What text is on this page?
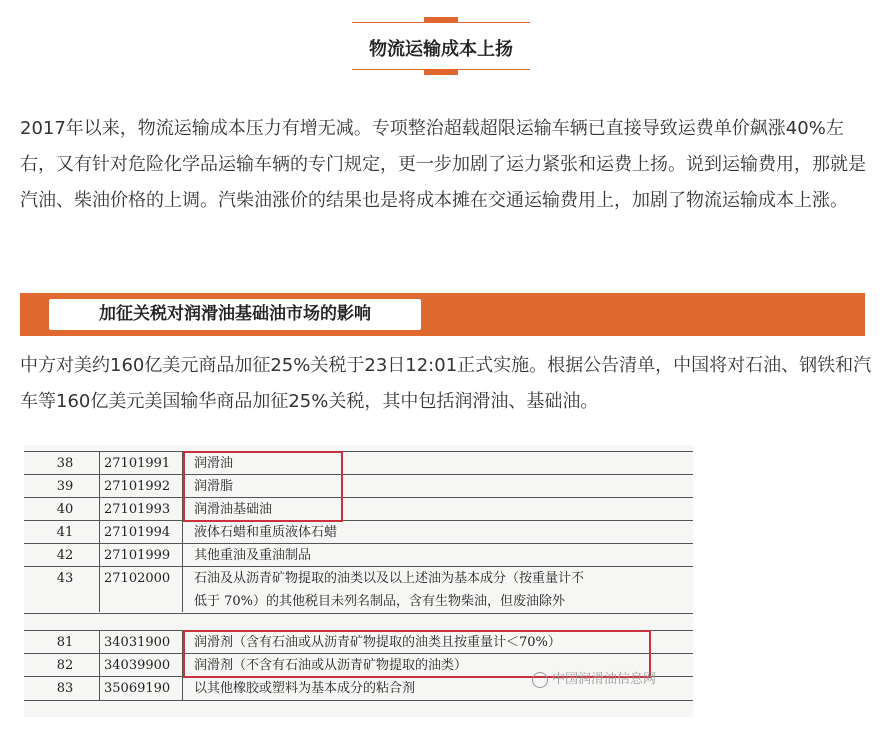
物流运输成本上扬

2017年以来，物流运输成本压力有增无减。专项整治超载超限运输车辆已直接导致运费单价飙涨40%左右，又有针对危险化学品运输车辆的专门规定，更一步加剧了运力紧张和运费上扬。说到运输费用，那就是汽油、柴油价格的上调。汽柴油涨价的结果也是将成本摊在交通运输费用上，加剧了物流运输成本上涨。

加征关税对润滑油基础油市场的影响

中方对美约160亿美元商品加征25%关税于23日12:01正式实施。根据公告清单，中国将对石油、钢铁和汽车等160亿美元美国输华商品加征25%关税，其中包括润滑油、基础油。

38	27101991	润滑油
39	27101992	润滑脂
40	27101993	润滑油基础油
41	27101994	液体石蜡和重质液体石蜡
42	27101999	其他重油及重油制品
43	27102000	石油及从沥青矿物提取的油类以及以上述油为基本成分（按重量计不
低于 70%）的其他税目未列名制品，含有生物柴油，但废油除外
81	34031900	润滑剂（含有石油或从沥青矿物提取的油类且按重量计＜70%）
82	34039900	润滑剂（不含有石油或从沥青矿物提取的油类）
83	35069190	以其他橡胶或塑料为基本成分的粘合剂
中国润滑油信息网
